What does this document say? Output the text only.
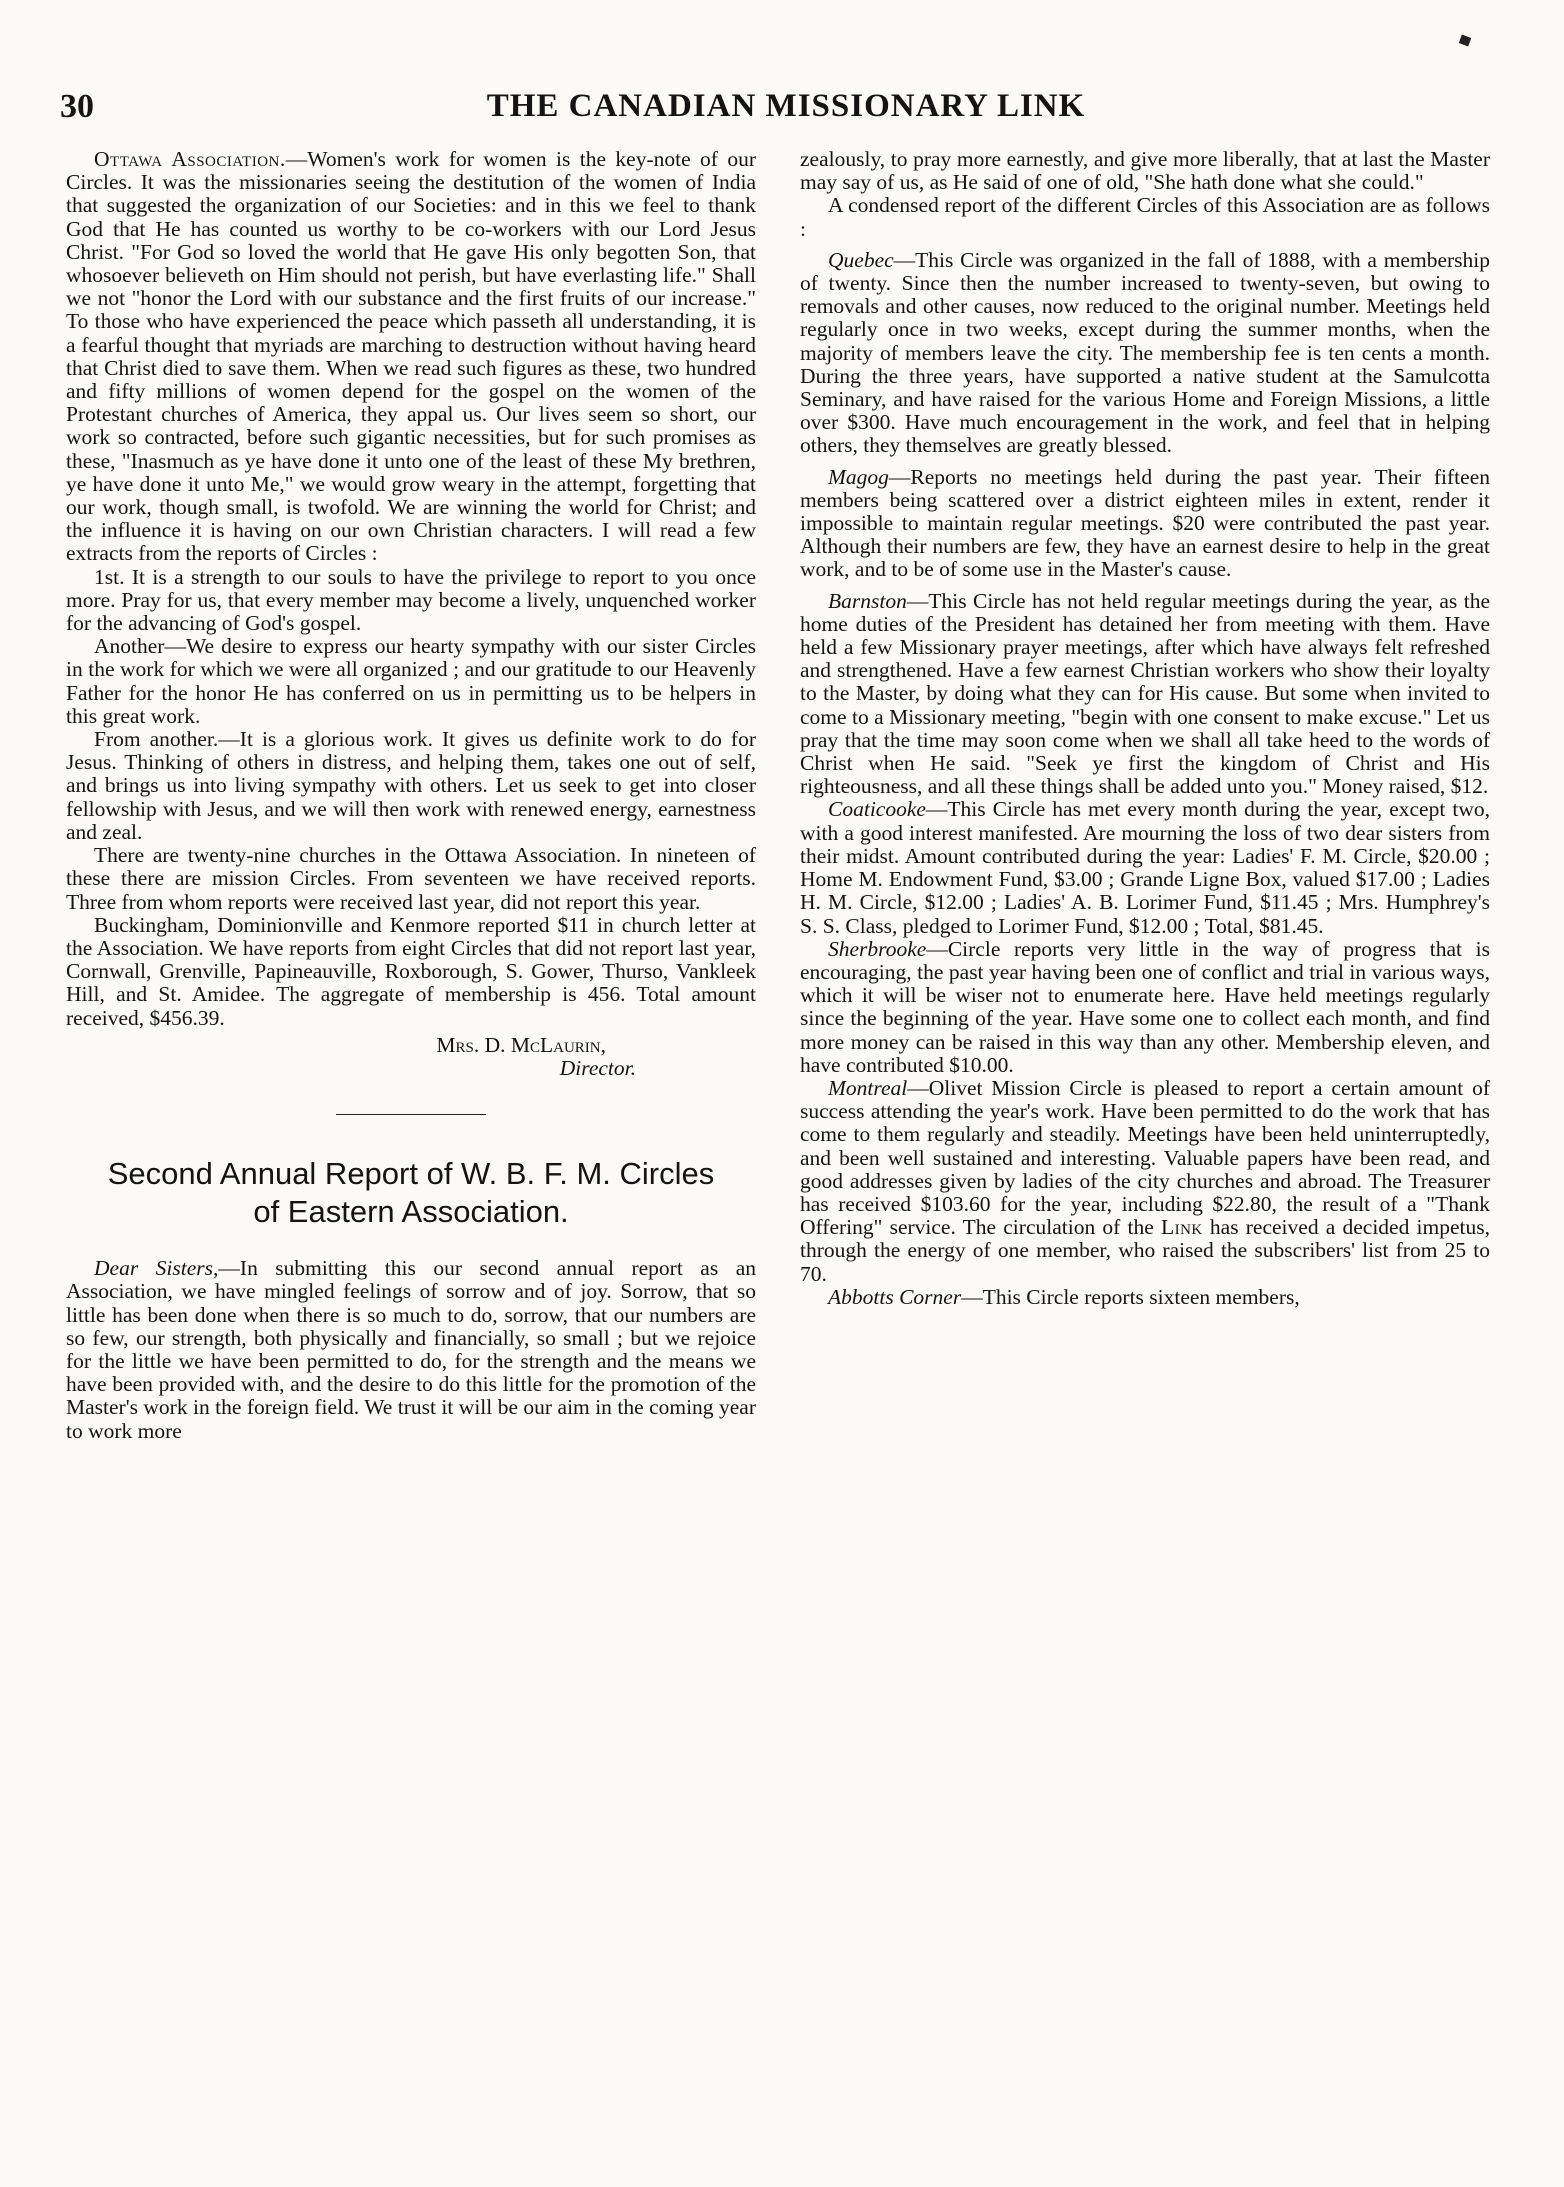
30	THE CANADIAN MISSIONARY LINK

Ottawa Association.—Women's work for women is the key-note of our Circles. It was the missionaries seeing the destitution of the women of India that suggested the organization of our Societies: and in this we feel to thank God that He has counted us worthy to be co-workers with our Lord Jesus Christ. "For God so loved the world that He gave His only begotten Son, that whosoever believeth on Him should not perish, but have everlasting life." Shall we not "honor the Lord with our substance and the first fruits of our increase." To those who have experienced the peace which passeth all understanding, it is a fearful thought that myriads are marching to destruction without having heard that Christ died to save them. When we read such figures as these, two hundred and fifty millions of women depend for the gospel on the women of the Protestant churches of America, they appal us. Our lives seem so short, our work so contracted, before such gigantic necessities, but for such promises as these, "Inasmuch as ye have done it unto one of the least of these My brethren, ye have done it unto Me," we would grow weary in the attempt, forgetting that our work, though small, is twofold. We are winning the world for Christ; and the influence it is having on our own Christian characters. I will read a few extracts from the reports of Circles :

1st. It is a strength to our souls to have the privilege to report to you once more. Pray for us, that every member may become a lively, unquenched worker for the advancing of God's gospel.

Another—We desire to express our hearty sympathy with our sister Circles in the work for which we were all organized ; and our gratitude to our Heavenly Father for the honor He has conferred on us in permitting us to be helpers in this great work.

From another.—It is a glorious work. It gives us definite work to do for Jesus. Thinking of others in distress, and helping them, takes one out of self, and brings us into living sympathy with others. Let us seek to get into closer fellowship with Jesus, and we will then work with renewed energy, earnestness and zeal.

There are twenty-nine churches in the Ottawa Association. In nineteen of these there are mission Circles. From seventeen we have received reports. Three from whom reports were received last year, did not report this year.

Buckingham, Dominionville and Kenmore reported $11 in church letter at the Association. We have reports from eight Circles that did not report last year, Cornwall, Grenville, Papineauville, Roxborough, S. Gower, Thurso, Vankleek Hill, and St. Amidee. The aggregate of membership is 456. Total amount received, $456.39.

Mrs. D. McLaurin,
Director.
Second Annual Report of W. B. F. M. Circles
of Eastern Association.

Dear Sisters,—In submitting this our second annual report as an Association, we have mingled feelings of sorrow and of joy. Sorrow, that so little has been done when there is so much to do, sorrow, that our numbers are so few, our strength, both physically and financially, so small ; but we rejoice for the little we have been permitted to do, for the strength and the means we have been provided with, and the desire to do this little for the promotion of the Master's work in the foreign field. We trust it will be our aim in the coming year to work more

zealously, to pray more earnestly, and give more liberally, that at last the Master may say of us, as He said of one of old, "She hath done what she could."

A condensed report of the different Circles of this Association are as follows :

Quebec—This Circle was organized in the fall of 1888, with a membership of twenty. Since then the number increased to twenty-seven, but owing to removals and other causes, now reduced to the original number. Meetings held regularly once in two weeks, except during the summer months, when the majority of members leave the city. The membership fee is ten cents a month. During the three years, have supported a native student at the Samulcotta Seminary, and have raised for the various Home and Foreign Missions, a little over $300. Have much encouragement in the work, and feel that in helping others, they themselves are greatly blessed.

Magog—Reports no meetings held during the past year. Their fifteen members being scattered over a district eighteen miles in extent, render it impossible to maintain regular meetings. $20 were contributed the past year. Although their numbers are few, they have an earnest desire to help in the great work, and to be of some use in the Master's cause.

Barnston—This Circle has not held regular meetings during the year, as the home duties of the President has detained her from meeting with them. Have held a few Missionary prayer meetings, after which have always felt refreshed and strengthened. Have a few earnest Christian workers who show their loyalty to the Master, by doing what they can for His cause. But some when invited to come to a Missionary meeting, "begin with one consent to make excuse." Let us pray that the time may soon come when we shall all take heed to the words of Christ when He said. "Seek ye first the kingdom of Christ and His righteousness, and all these things shall be added unto you." Money raised, $12.

Coaticooke—This Circle has met every month during the year, except two, with a good interest manifested. Are mourning the loss of two dear sisters from their midst. Amount contributed during the year: Ladies' F. M. Circle, $20.00 ; Home M. Endowment Fund, $3.00 ; Grande Ligne Box, valued $17.00 ; Ladies H. M. Circle, $12.00 ; Ladies' A. B. Lorimer Fund, $11.45 ; Mrs. Humphrey's S. S. Class, pledged to Lorimer Fund, $12.00 ; Total, $81.45.

Sherbrooke—Circle reports very little in the way of progress that is encouraging, the past year having been one of conflict and trial in various ways, which it will be wiser not to enumerate here. Have held meetings regularly since the beginning of the year. Have some one to collect each month, and find more money can be raised in this way than any other. Membership eleven, and have contributed $10.00.

Montreal—Olivet Mission Circle is pleased to report a certain amount of success attending the year's work. Have been permitted to do the work that has come to them regularly and steadily. Meetings have been held uninterruptedly, and been well sustained and interesting. Valuable papers have been read, and good addresses given by ladies of the city churches and abroad. The Treasurer has received $103.60 for the year, including $22.80, the result of a "Thank Offering" service. The circulation of the Link has received a decided impetus, through the energy of one member, who raised the subscribers' list from 25 to 70.

Abbotts Corner—This Circle reports sixteen members,
